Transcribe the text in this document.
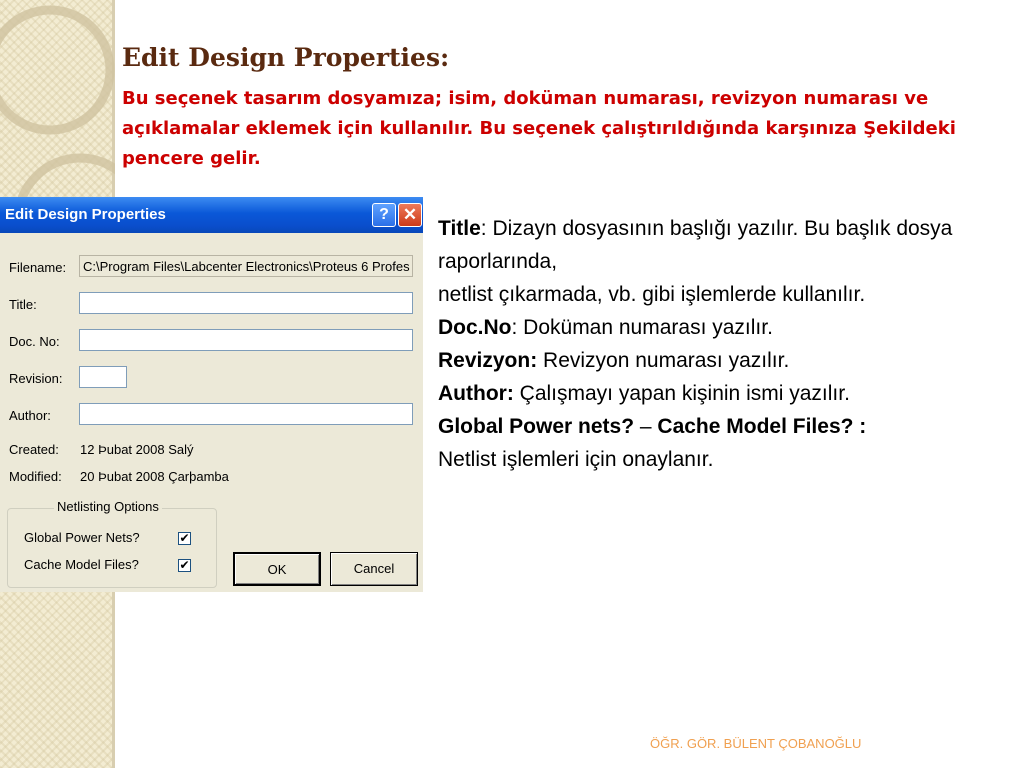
Edit Design Properties:

Bu seçenek tasarım dosyamıza; isim, doküman numarası, revizyon numarası ve açıklamalar eklemek için kullanılır. Bu seçenek çalıştırıldığında karşınıza Şekildeki pencere gelir.

Edit Design Properties	? ✕
Filename: C:\Program Files\Labcenter Electronics\Proteus 6 Profes
Title:
Doc. No:
Revision:
Author:
Created: 12 Þubat 2008 Salý
Modified: 20 Þubat 2008 Çarþamba
Netlisting Options
Global Power Nets?	✔
Cache Model Files?	✔	OK	Cancel

Title: Dizayn dosyasının başlığı yazılır. Bu başlık dosya raporlarında,

netlist çıkarmada, vb. gibi işlemlerde kullanılır.

Doc.No: Doküman numarası yazılır.

Revizyon: Revizyon numarası yazılır.

Author: Çalışmayı yapan kişinin ismi yazılır.

Global Power nets? – Cache Model Files? :

Netlist işlemleri için onaylanır.

ÖĞR. GÖR. BÜLENT ÇOBANOĞLU
